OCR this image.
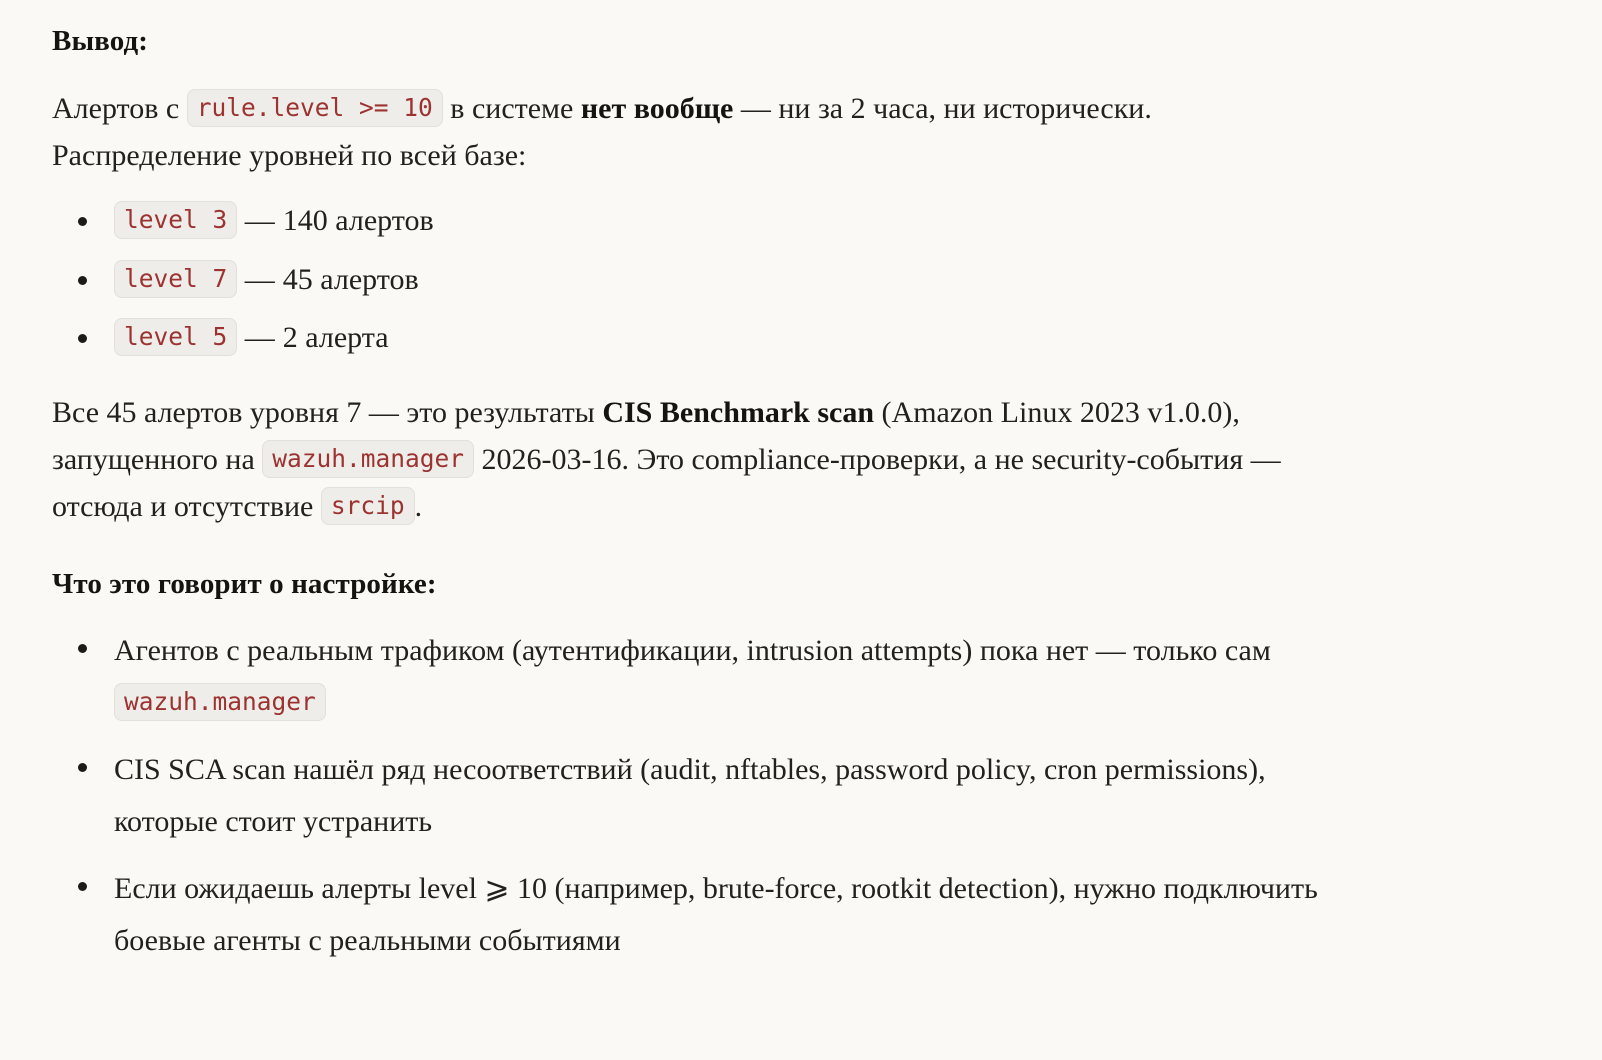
Вывод:

Алертов с rule.level >= 10 в системе нет вообще — ни за 2 часа, ни исторически. Распределение уровней по всей базе:

level 3 — 140 алертов
level 7 — 45 алертов
level 5 — 2 алерта

Все 45 алертов уровня 7 — это результаты CIS Benchmark scan (Amazon Linux 2023 v1.0.0), запущенного на wazuh.manager 2026-03-16. Это compliance-проверки, а не security-события — отсюда и отсутствие srcip .

Что это говорит о настройке:
Агентов с реальным трафиком (аутентификации, intrusion attempts) пока нет — только сам wazuh.manager
CIS SCA scan нашёл ряд несоответствий (audit, nftables, password policy, cron permissions), которые стоит устранить
Если ожидаешь алерты level ⩾ 10 (например, brute-force, rootkit detection), нужно подключить боевые агенты с реальными событиями
